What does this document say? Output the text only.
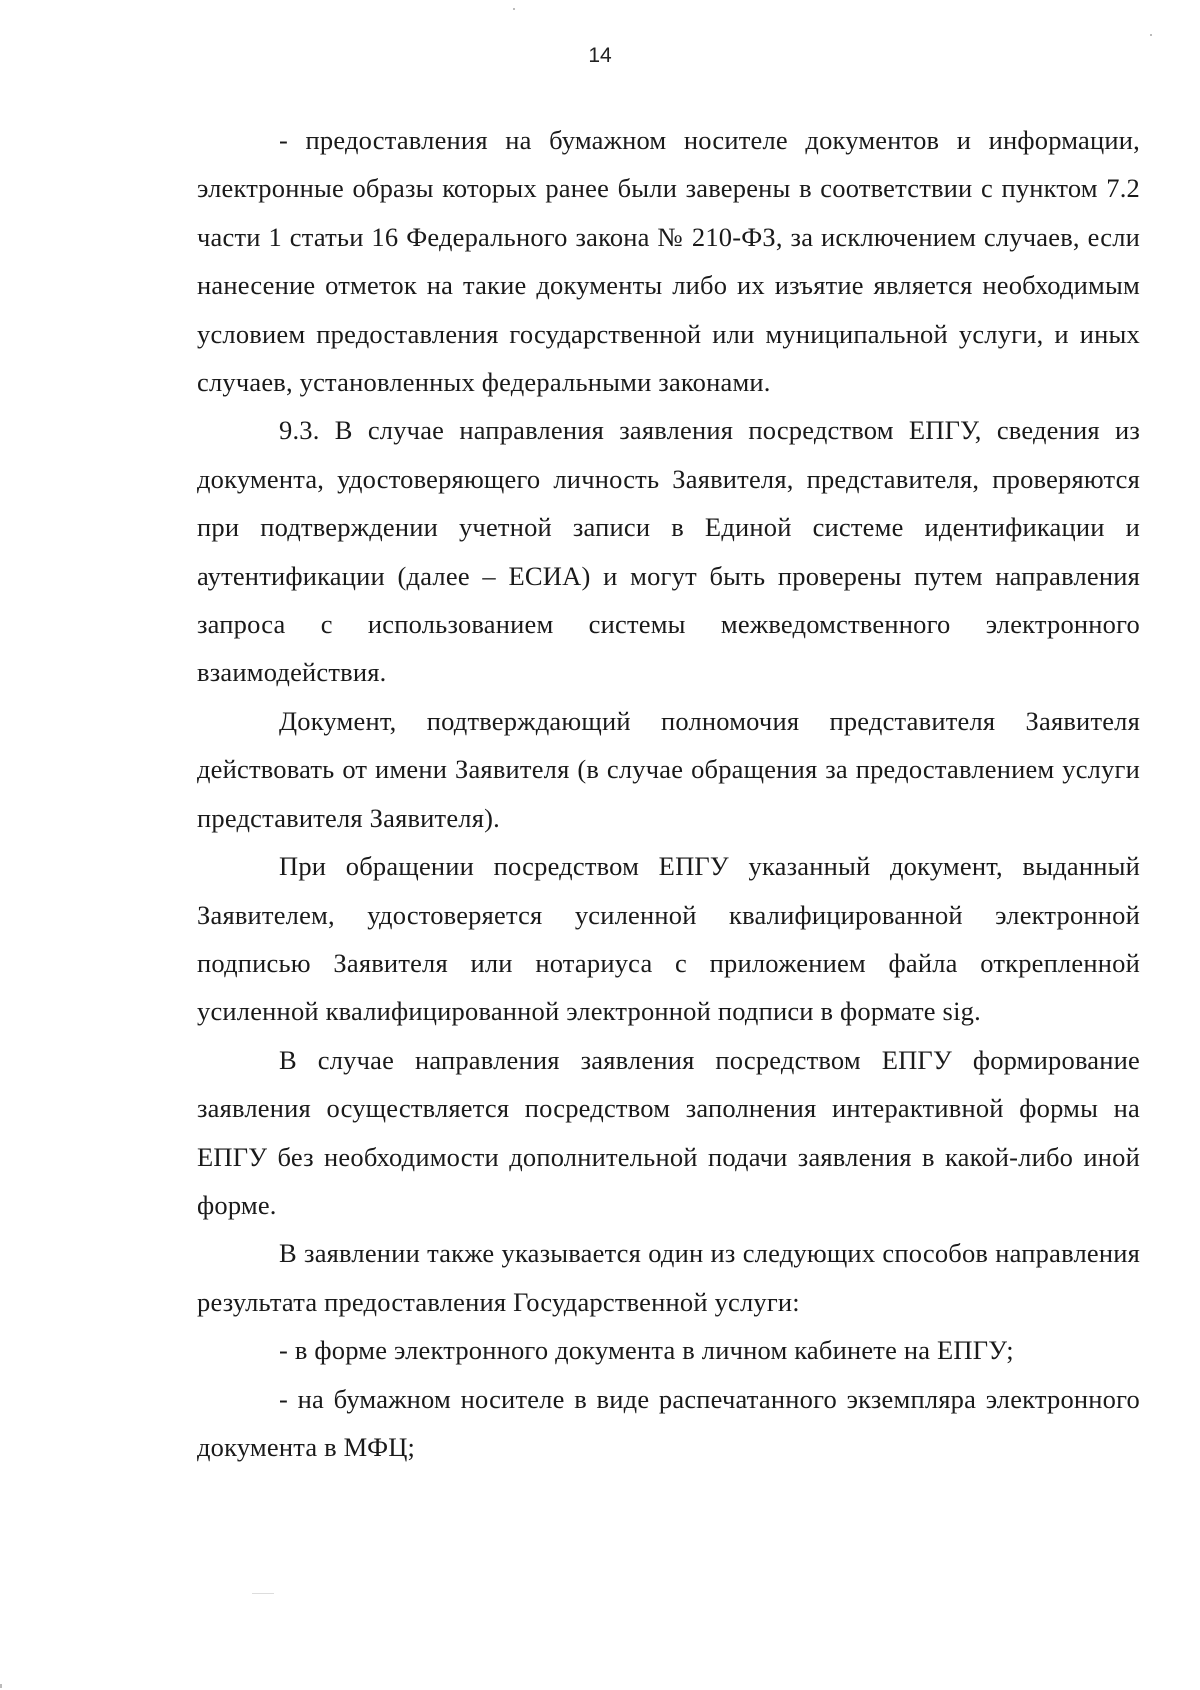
14

- предоставления на бумажном носителе документов и информации, электронные образы которых ранее были заверены в соответствии с пунктом 7.2 части 1 статьи 16 Федерального закона № 210-ФЗ, за исключением случаев, если нанесение отметок на такие документы либо их изъятие является необходимым условием предоставления государственной или муниципальной услуги, и иных случаев, установленных федеральными законами.

9.3. В случае направления заявления посредством ЕПГУ, сведения из документа, удостоверяющего личность Заявителя, представителя, проверяются при подтверждении учетной записи в Единой системе идентификации и аутентификации (далее – ЕСИА) и могут быть проверены путем направления запроса с использованием системы межведомственного электронного взаимодействия.

Документ, подтверждающий полномочия представителя Заявителя действовать от имени Заявителя (в случае обращения за предоставлением услуги представителя Заявителя).

При обращении посредством ЕПГУ указанный документ, выданный Заявителем, удостоверяется усиленной квалифицированной электронной подписью Заявителя или нотариуса с приложением файла открепленной усиленной квалифицированной электронной подписи в формате sig.

В случае направления заявления посредством ЕПГУ формирование заявления осуществляется посредством заполнения интерактивной формы на ЕПГУ без необходимости дополнительной подачи заявления в какой-либо иной форме.

В заявлении также указывается один из следующих способов направления результата предоставления Государственной услуги:

- в форме электронного документа в личном кабинете на ЕПГУ;

- на бумажном носителе в виде распечатанного экземпляра электронного документа в МФЦ;
